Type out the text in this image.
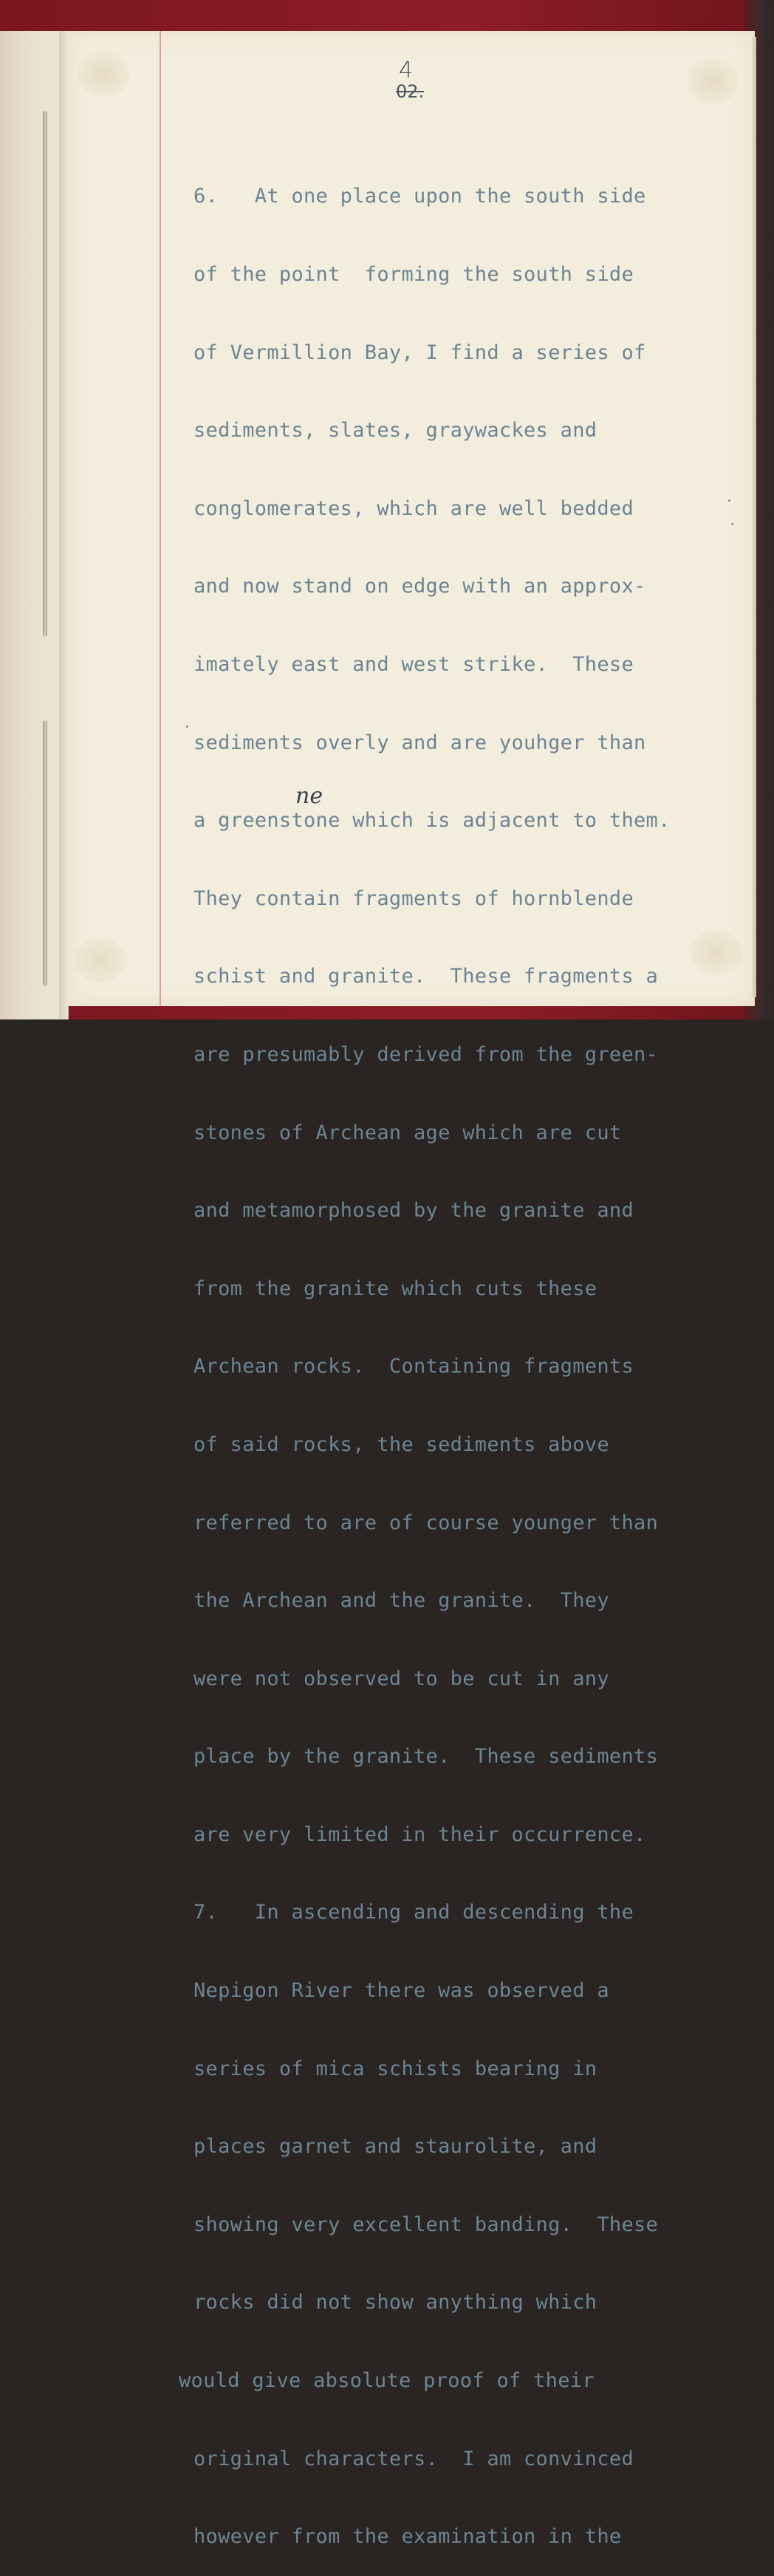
4
02.

6.   At one place upon the south side

of the point  forming the south side

of Vermillion Bay, I find a series of

sediments, slates, graywackes and

conglomerates, which are well bedded

and now stand on edge with an approx-

imately east and west strike.  These

sediments overly and are youhger than

a greenstone which is adjacent to them.

They contain fragments of hornblende

schist and granite.  These fragments a

are presumably derived from the green-

stones of Archean age which are cut

and metamorphosed by the granite and

from the granite which cuts these

Archean rocks.  Containing fragments

of said rocks, the sediments above

referred to are of course younger than

the Archean and the granite.  They

were not observed to be cut in any

place by the granite.  These sediments

are very limited in their occurrence.

7.   In ascending and descending the

Nepigon River there was observed a

series of mica schists bearing in

places garnet and staurolite, and

showing very excellent banding.  These

rocks did not show anything which

would give absolute proof of their

original characters.  I am convinced

however from the examination in the

ne
